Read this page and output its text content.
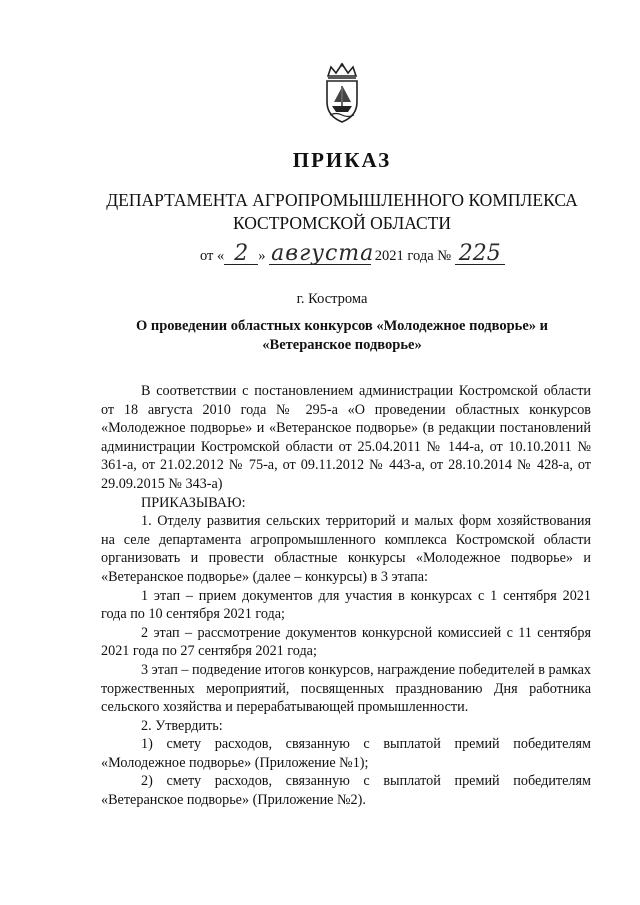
ПРИКАЗ
ДЕПАРТАМЕНТА АГРОПРОМЫШЛЕННОГО КОМПЛЕКСА
КОСТРОМСКОЙ ОБЛАСТИ
от « 2 » августа 2021 года № 225
г. Кострома
О проведении областных конкурсов «Молодежное подворье» и
«Ветеранское подворье»

В соответствии с постановлением администрации Костромской области от 18 августа 2010 года № 295-а «О проведении областных конкурсов «Молодежное подворье» и «Ветеранское подворье» (в редакции постановлений администрации Костромской области от 25.04.2011 № 144-а, от 10.10.2011 № 361-а, от 21.02.2012 № 75-а, от 09.11.2012 № 443-а, от 28.10.2014 № 428-а, от 29.09.2015 № 343-а)

ПРИКАЗЫВАЮ:

1. Отделу развития сельских территорий и малых форм хозяйствования на селе департамента агропромышленного комплекса Костромской области организовать и провести областные конкурсы «Молодежное подворье» и «Ветеранское подворье» (далее – конкурсы) в 3 этапа:

1 этап – прием документов для участия в конкурсах с 1 сентября 2021 года по 10 сентября 2021 года;

2 этап – рассмотрение документов конкурсной комиссией с 11 сентября 2021 года по 27 сентября 2021 года;

3 этап – подведение итогов конкурсов, награждение победителей в рамках торжественных мероприятий, посвященных празднованию Дня работника сельского хозяйства и перерабатывающей промышленности.

2. Утвердить:

1) смету расходов, связанную с выплатой премий победителям «Молодежное подворье» (Приложение №1);

2) смету расходов, связанную с выплатой премий победителям «Ветеранское подворье» (Приложение №2).
